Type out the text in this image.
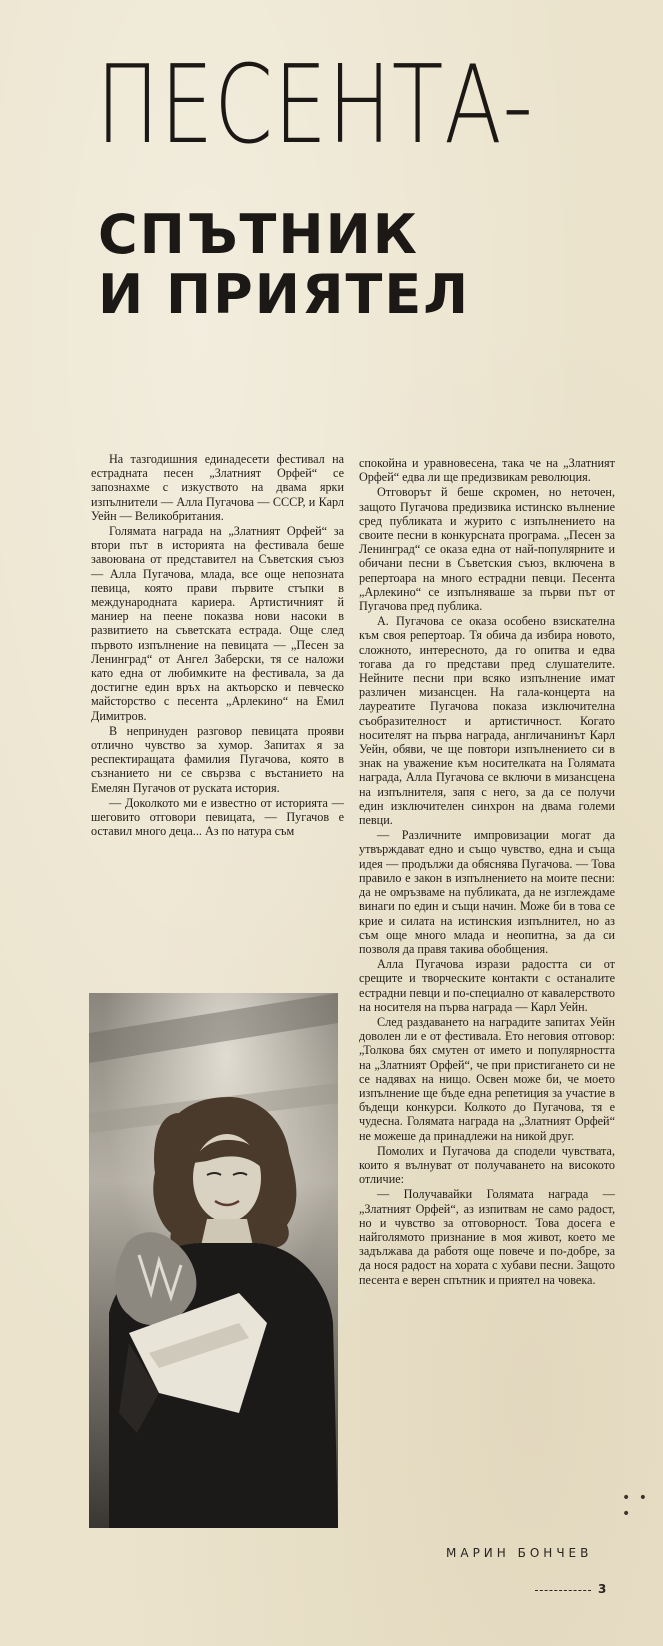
ПЕСЕНТА-
СПЪТНИК
И ПРИЯТЕЛ

На тазгодишния единадесети фестивал на естрадната песен „Златният Орфей“ се запознахме с изкуството на двама ярки изпълнители — Алла Пугачова — СССР, и Карл Уейн — Великобритания.

Голямата награда на „Златният Орфей“ за втори път в историята на фестивала беше завоювана от представител на Съветския съюз — Алла Пугачова, млада, все още непозната певица, която прави първите стъпки в международната кариера. Артистичният й маниер на пеене показва нови насоки в развитието на съветската естрада. Още след първото изпълнение на певицата — „Песен за Ленинград“ от Ангел Заберски, тя се наложи като една от любимките на фестивала, за да достигне един връх на актьорско и певческо майсторство с песента „Арлекино“ на Емил Димитров.

В непринуден разговор певицата прояви отлично чувство за хумор. Запитах я за респектиращата фамилия Пугачова, която в съзнанието ни се свързва с въстанието на Емелян Пугачов от руската история.

— Доколкото ми е известно от историята — шеговито отговори певицата, — Пугачов е оставил много деца... Аз по натура съм

спокойна и уравновесена, така че на „Златният Орфей“ едва ли ще предизвикам революция.

Отговорът й беше скромен, но неточен, защото Пугачова предизвика истинско вълнение сред публиката и журито с изпълнението на своите песни в конкурсната програма. „Песен за Ленинград“ се оказа една от най-популярните и обичани песни в Съветския съюз, включена в репертоара на много естрадни певци. Песента „Арлекино“ се изпълняваше за първи път от Пугачова пред публика.

А. Пугачова се оказа особено взискателна към своя репертоар. Тя обича да избира новото, сложното, интересното, да го опитва и едва тогава да го представи пред слушателите. Нейните песни при всяко изпълнение имат различен мизансцен. На гала-концерта на лауреатите Пугачова показа изключителна съобразителност и артистичност. Когато носителят на първа награда, англичанинът Карл Уейн, обяви, че ще повтори изпълнението си в знак на уважение към носителката на Голямата награда, Алла Пугачова се включи в мизансцена на изпълнителя, запя с него, за да се получи един изключителен синхрон на двама големи певци.

— Различните импровизации могат да утвърждават едно и също чувство, една и съща идея — продължи да обяснява Пугачова. — Това правило е закон в изпълнението на моите песни: да не омръзваме на публиката, да не изглеждаме винаги по един и същи начин. Може би в това се крие и силата на истинския изпълнител, но аз съм още много млада и неопитна, за да си позволя да правя такива обобщения.

Алла Пугачова изрази радостта си от срещите и творческите контакти с останалите естрадни певци и по-специално от кавалерството на носителя на първа награда — Карл Уейн.

След раздаването на наградите запитах Уейн доволен ли е от фестивала. Ето неговия отговор: „Толкова бях смутен от името и популярността на „Златният Орфей“, че при пристигането си не се надявах на нищо. Освен може би, че моето изпълнение ще бъде една репетиция за участие в бъдещи конкурси. Колкото до Пугачова, тя е чудесна. Голямата награда на „Златният Орфей“ не можеше да принадлежи на никой друг.

Помолих и Пугачова да сподели чувствата, които я вълнуват от получаването на високото отличие:

— Получавайки Голямата награда — „Златният Орфей“, аз изпитвам не само радост, но и чувство за отговорност. Това досега е найголямото признание в моя живот, което ме задължава да работя още повече и по-добре, за да нося радост на хората с хубави песни. Защото песента е верен спътник и приятел на човека.

МАРИН БОНЧЕВ
• • •
3
